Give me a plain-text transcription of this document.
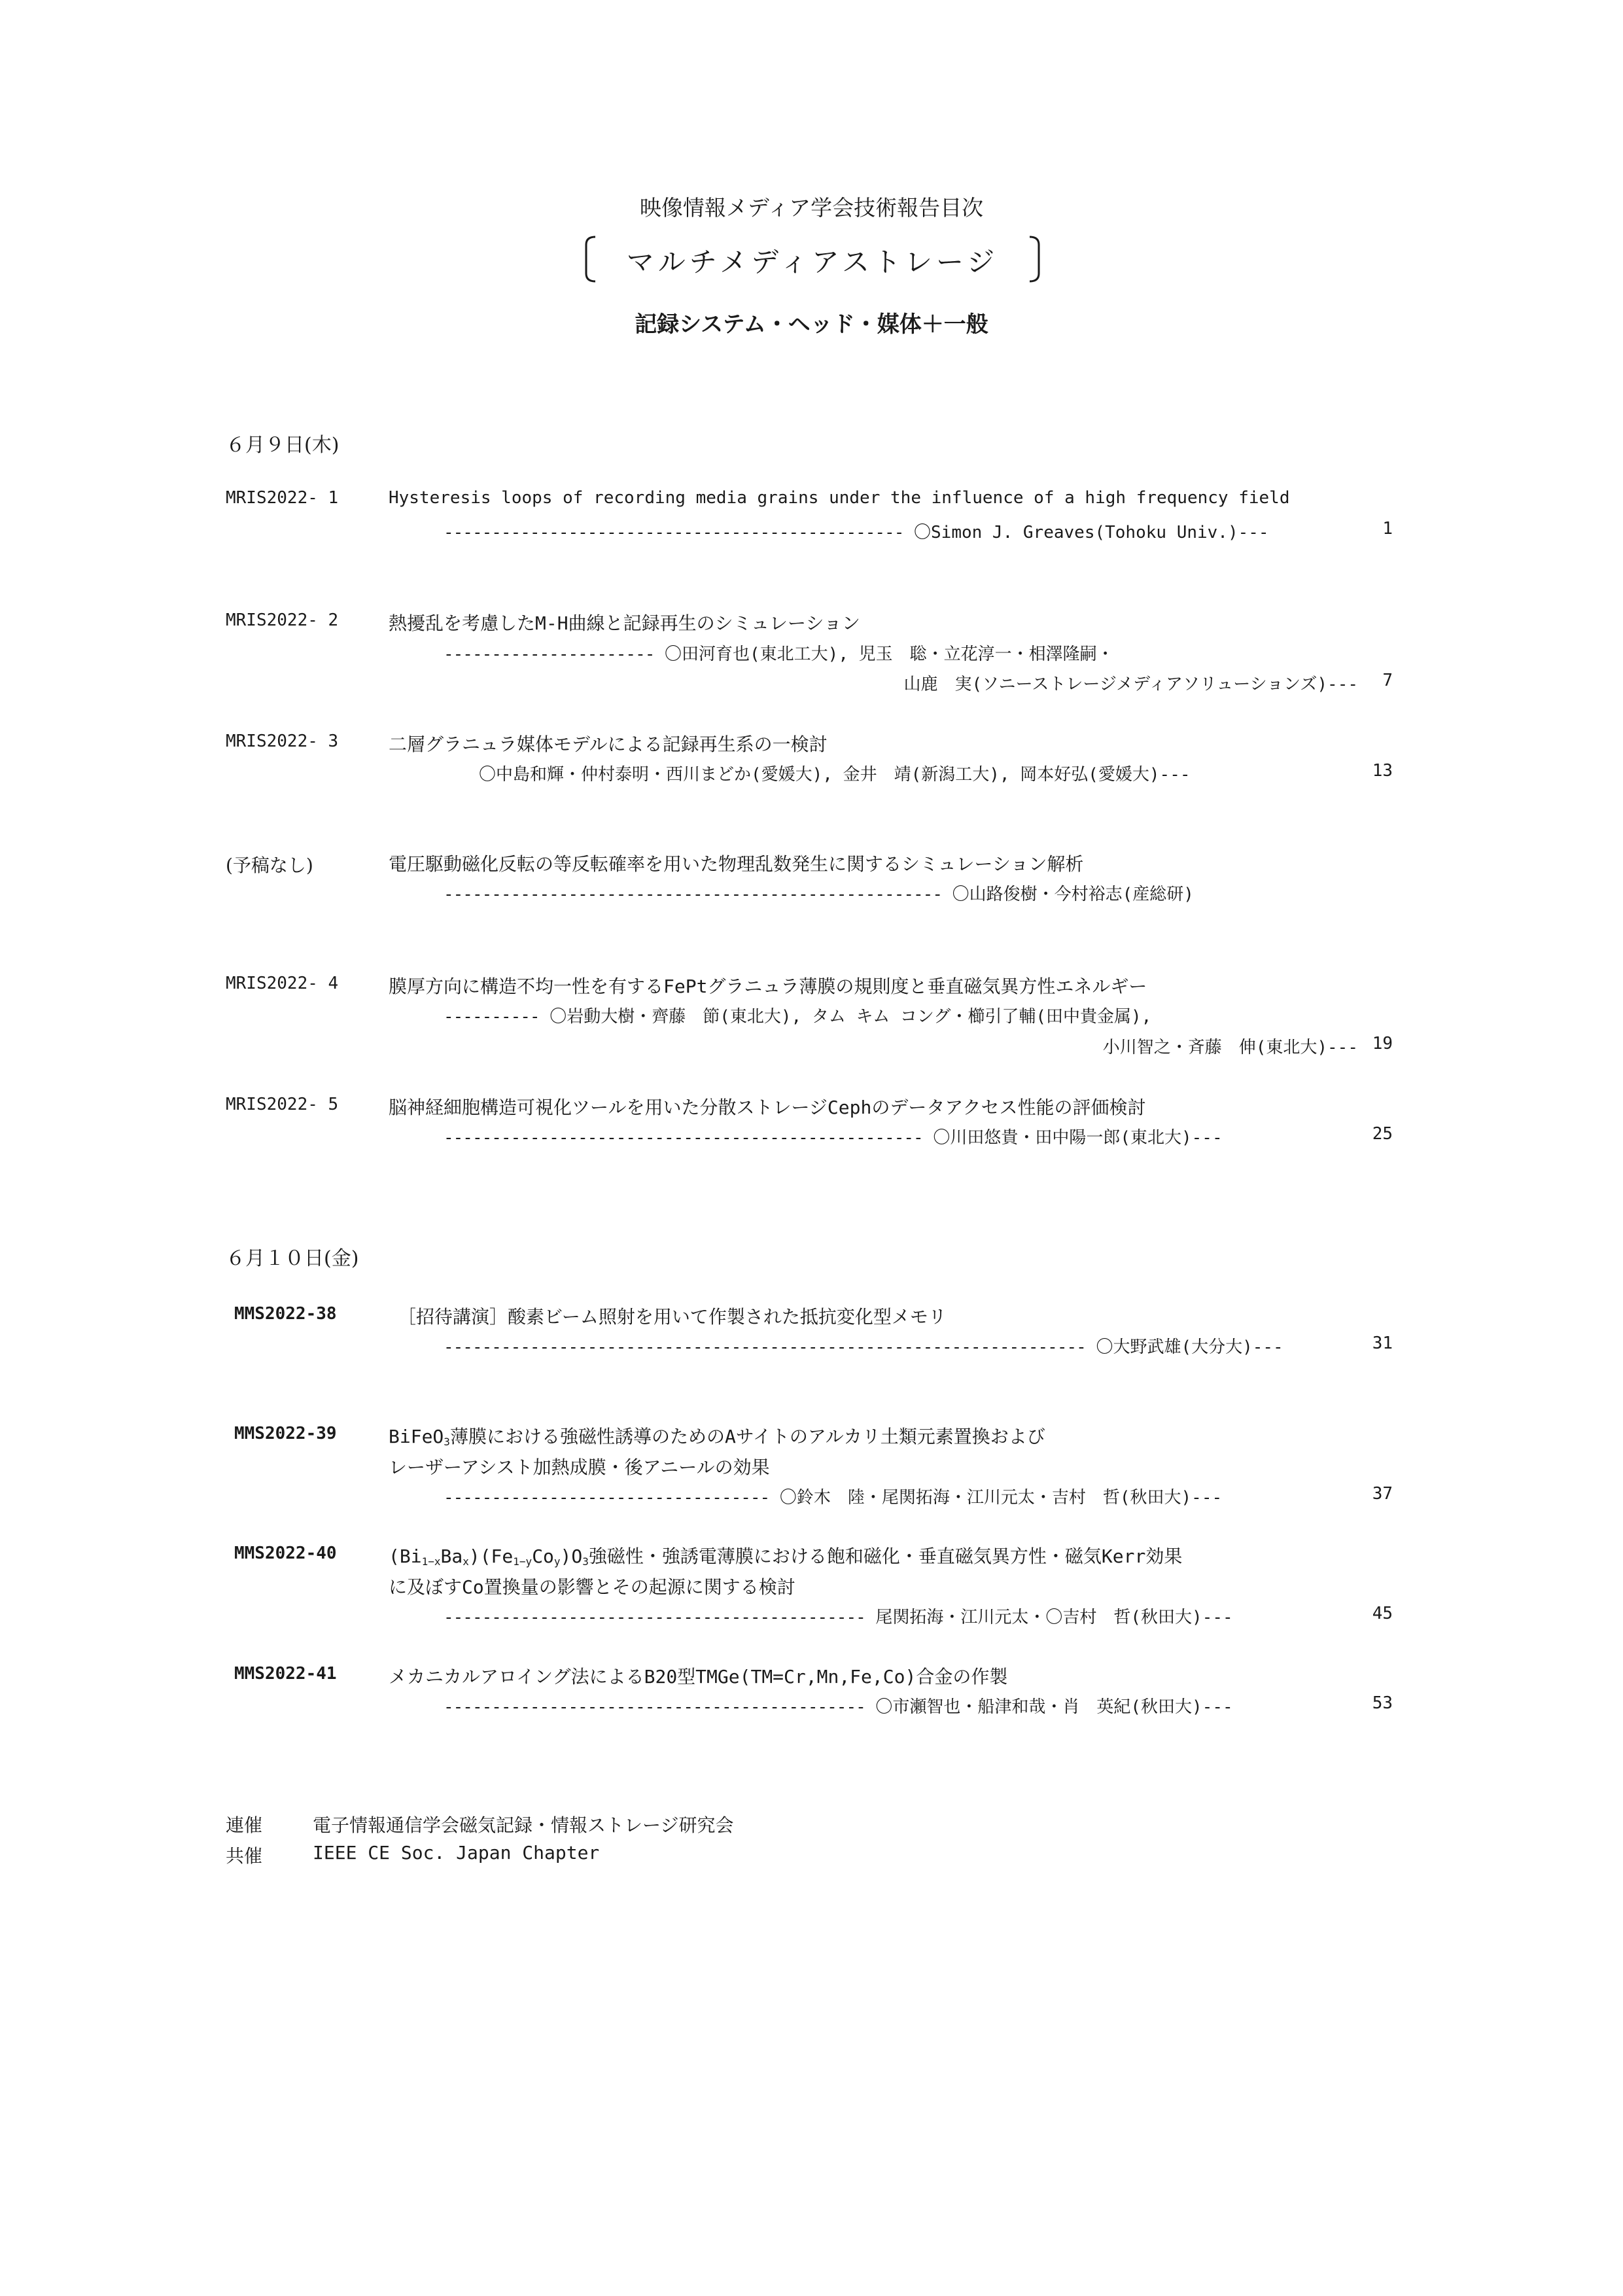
映像情報メディア学会技術報告目次
マルチメディアストレージ
記録システム・ヘッド・媒体＋一般
６月９日(木)
MRIS2022- 1	Hysteresis loops of recording media grains under the influence of a high frequency field
------------------------------------------------ 〇Simon J. Greaves(Tohoku Univ.)---	1
MRIS2022- 2	熱擾乱を考慮したM-H曲線と記録再生のシミュレーション
---------------------- 〇田河育也(東北工大), 児玉　聡・立花淳一・相澤隆嗣・
山鹿　実(ソニーストレージメディアソリューションズ)--- 7
MRIS2022- 3	二層グラニュラ媒体モデルによる記録再生系の一検討
〇中島和輝・仲村泰明・西川まどか(愛媛大), 金井　靖(新潟工大), 岡本好弘(愛媛大)---	13
(予稿なし)	電圧駆動磁化反転の等反転確率を用いた物理乱数発生に関するシミュレーション解析
---------------------------------------------------- 〇山路俊樹・今村裕志(産総研)
MRIS2022- 4	膜厚方向に構造不均一性を有するFePtグラニュラ薄膜の規則度と垂直磁気異方性エネルギー
---------- 〇岩動大樹・齊藤　節(東北大), タム キム コング・櫛引了輔(田中貴金属),
小川智之・斉藤　伸(東北大)--- 19
MRIS2022- 5	脳神経細胞構造可視化ツールを用いた分散ストレージCephのデータアクセス性能の評価検討
-------------------------------------------------- 〇川田悠貴・田中陽一郎(東北大)---	25
６月１０日(金)
MMS2022-38	［招待講演］酸素ビーム照射を用いて作製された抵抗変化型メモリ
------------------------------------------------------------------- 〇大野武雄(大分大)---	31
MMS2022-39	BiFeO$_3$薄膜における強磁性誘導のためのAサイトのアルカリ土類元素置換および
レーザーアシスト加熱成膜・後アニールの効果
---------------------------------- 〇鈴木　陸・尾関拓海・江川元太・吉村　哲(秋田大)---	37
MMS2022-40	$(Bi_{1-x}Ba_x)(Fe_{1-y}Co_y)O_3$強磁性・強誘電薄膜における飽和磁化・垂直磁気異方性・磁気Kerr効果
に及ぼすCo置換量の影響とその起源に関する検討
-------------------------------------------- 尾関拓海・江川元太・〇吉村　哲(秋田大)---	45
MMS2022-41	メカニカルアロイング法によるB20型TMGe(TM=Cr,Mn,Fe,Co)合金の作製
-------------------------------------------- 〇市瀬智也・船津和哉・肖　英紀(秋田大)---	53
連催	電子情報通信学会磁気記録・情報ストレージ研究会
共催	IEEE CE Soc. Japan Chapter
